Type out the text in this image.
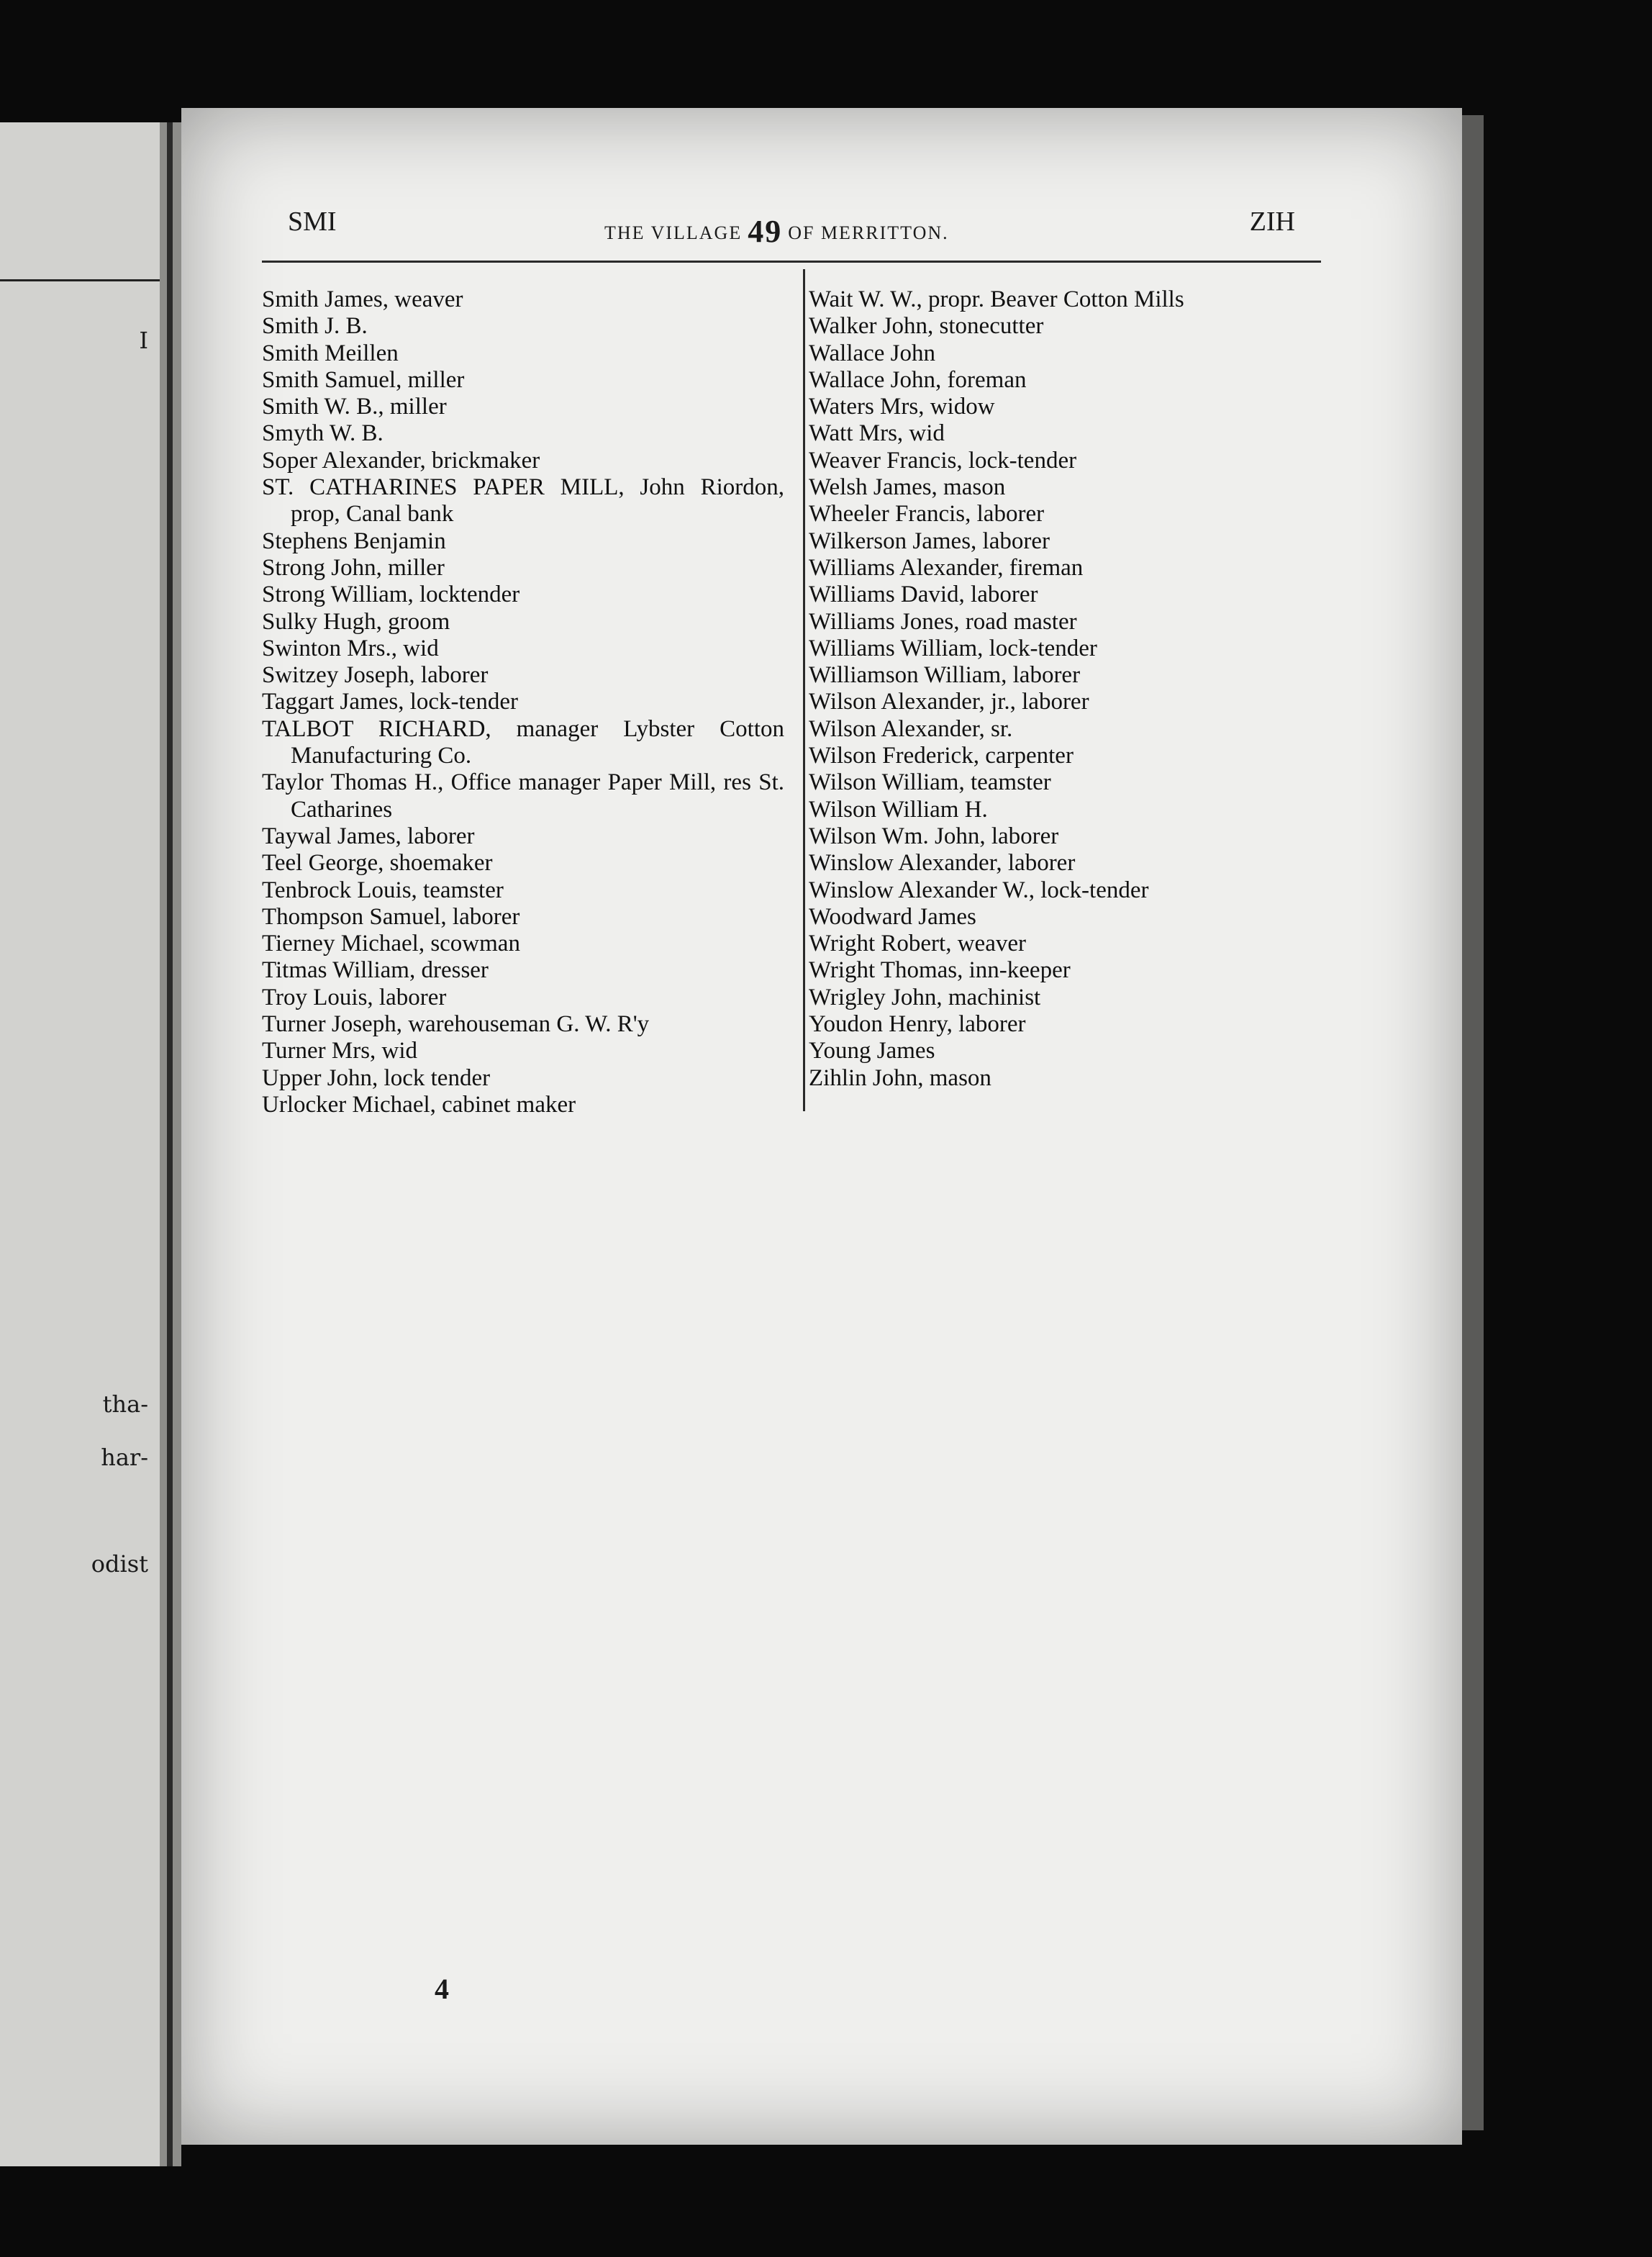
I
tha-
har-
odist
SMI	THE VILLAGE 49 OF MERRITTON.	ZIH
Smith James, weaver
Smith J. B.
Smith Meillen
Smith Samuel, miller
Smith W. B., miller
Smyth W. B.
Soper Alexander, brickmaker
ST. CATHARINES PAPER MILL, John Riordon, prop, Canal bank
Stephens Benjamin
Strong John, miller
Strong William, locktender
Sulky Hugh, groom
Swinton Mrs., wid
Switzey Joseph, laborer
Taggart James, lock-tender
TALBOT RICHARD, manager Lybster Cotton Manufacturing Co.
Taylor Thomas H., Office manager Paper Mill, res St. Catharines
Taywal James, laborer
Teel George, shoemaker
Tenbrock Louis, teamster
Thompson Samuel, laborer
Tierney Michael, scowman
Titmas William, dresser
Troy Louis, laborer
Turner Joseph, warehouseman G. W. R'y
Turner Mrs, wid
Upper John, lock tender
Urlocker Michael, cabinet maker
Wait W. W., propr. Beaver Cotton Mills
Walker John, stonecutter
Wallace John
Wallace John, foreman
Waters Mrs, widow
Watt Mrs, wid
Weaver Francis, lock-tender
Welsh James, mason
Wheeler Francis, laborer
Wilkerson James, laborer
Williams Alexander, fireman
Williams David, laborer
Williams Jones, road master
Williams William, lock-tender
Williamson William, laborer
Wilson Alexander, jr., laborer
Wilson Alexander, sr.
Wilson Frederick, carpenter
Wilson William, teamster
Wilson William H.
Wilson Wm. John, laborer
Winslow Alexander, laborer
Winslow Alexander W., lock-tender
Woodward James
Wright Robert, weaver
Wright Thomas, inn-keeper
Wrigley John, machinist
Youdon Henry, laborer
Young James
Zihlin John, mason
4
